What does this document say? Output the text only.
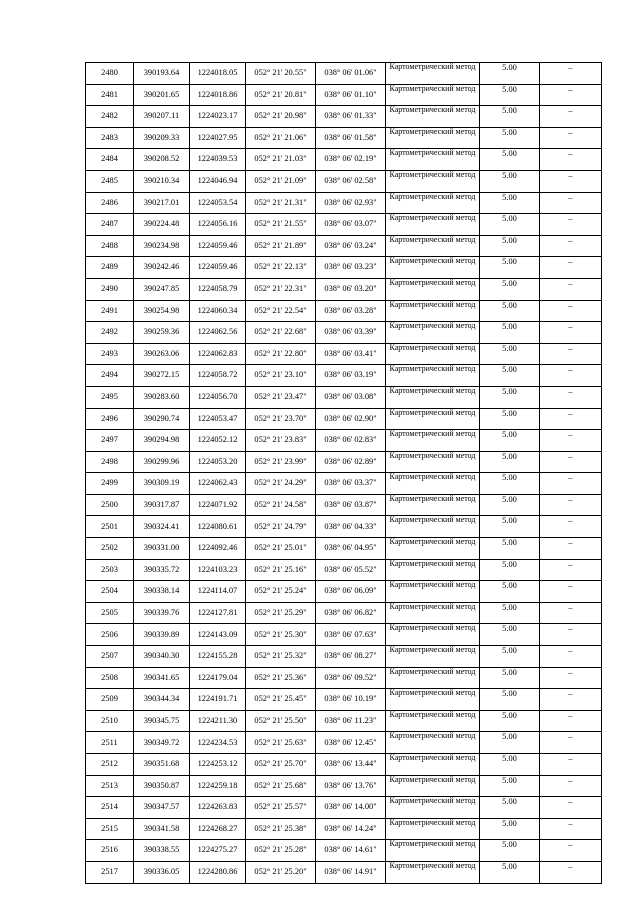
2480	390193.64	1224018.05	052° 21' 20.55"	038° 06' 01.06"	Картометрический метод	5.00	–
2481	390201.65	1224018.86	052° 21' 20.81"	038° 06' 01.10"	Картометрический метод	5.00	–
2482	390207.11	1224023.17	052° 21' 20.98"	038° 06' 01.33"	Картометрический метод	5.00	–
2483	390209.33	1224027.95	052° 21' 21.06"	038° 06' 01.58"	Картометрический метод	5.00	–
2484	390208.52	1224039.53	052° 21' 21.03"	038° 06' 02.19"	Картометрический метод	5.00	–
2485	390210.34	1224046.94	052° 21' 21.09"	038° 06' 02.58"	Картометрический метод	5.00	–
2486	390217.01	1224053.54	052° 21' 21.31"	038° 06' 02.93"	Картометрический метод	5.00	–
2487	390224.48	1224056.16	052° 21' 21.55"	038° 06' 03.07"	Картометрический метод	5.00	–
2488	390234.98	1224059.46	052° 21' 21.89"	038° 06' 03.24"	Картометрический метод	5.00	–
2489	390242.46	1224059.46	052° 21' 22.13"	038° 06' 03.23"	Картометрический метод	5.00	–
2490	390247.85	1224058.79	052° 21' 22.31"	038° 06' 03.20"	Картометрический метод	5.00	–
2491	390254.98	1224060.34	052° 21' 22.54"	038° 06' 03.28"	Картометрический метод	5.00	–
2492	390259.36	1224062.56	052° 21' 22.68"	038° 06' 03.39"	Картометрический метод	5.00	–
2493	390263.06	1224062.83	052° 21' 22.80"	038° 06' 03.41"	Картометрический метод	5.00	–
2494	390272.15	1224058.72	052° 21' 23.10"	038° 06' 03.19"	Картометрический метод	5.00	–
2495	390283.60	1224056.70	052° 21' 23.47"	038° 06' 03.08"	Картометрический метод	5.00	–
2496	390290.74	1224053.47	052° 21' 23.70"	038° 06' 02.90"	Картометрический метод	5.00	–
2497	390294.98	1224052.12	052° 21' 23.83"	038° 06' 02.83"	Картометрический метод	5.00	–
2498	390299.96	1224053.20	052° 21' 23.99"	038° 06' 02.89"	Картометрический метод	5.00	–
2499	390309.19	1224062.43	052° 21' 24.29"	038° 06' 03.37"	Картометрический метод	5.00	–
2500	390317.87	1224071.92	052° 21' 24.58"	038° 06' 03.87"	Картометрический метод	5.00	–
2501	390324.41	1224080.61	052° 21' 24.79"	038° 06' 04.33"	Картометрический метод	5.00	–
2502	390331.00	1224092.46	052° 21' 25.01"	038° 06' 04.95"	Картометрический метод	5.00	–
2503	390335.72	1224103.23	052° 21' 25.16"	038° 06' 05.52"	Картометрический метод	5.00	–
2504	390338.14	1224114.07	052° 21' 25.24"	038° 06' 06.09"	Картометрический метод	5.00	–
2505	390339.76	1224127.81	052° 21' 25.29"	038° 06' 06.82"	Картометрический метод	5.00	–
2506	390339.89	1224143.09	052° 21' 25.30"	038° 06' 07.63"	Картометрический метод	5.00	–
2507	390340.30	1224155.28	052° 21' 25.32"	038° 06' 08.27"	Картометрический метод	5.00	–
2508	390341.65	1224179.04	052° 21' 25.36"	038° 06' 09.52"	Картометрический метод	5.00	–
2509	390344.34	1224191.71	052° 21' 25.45"	038° 06' 10.19"	Картометрический метод	5.00	–
2510	390345.75	1224211.30	052° 21' 25.50"	038° 06' 11.23"	Картометрический метод	5.00	–
2511	390349.72	1224234.53	052° 21' 25.63"	038° 06' 12.45"	Картометрический метод	5.00	–
2512	390351.68	1224253.12	052° 21' 25.70"	038° 06' 13.44"	Картометрический метод	5.00	–
2513	390350.87	1224259.18	052° 21' 25.68"	038° 06' 13.76"	Картометрический метод	5.00	–
2514	390347.57	1224263.83	052° 21' 25.57"	038° 06' 14.00"	Картометрический метод	5.00	–
2515	390341.58	1224268.27	052° 21' 25.38"	038° 06' 14.24"	Картометрический метод	5.00	–
2516	390338.55	1224275.27	052° 21' 25.28"	038° 06' 14.61"	Картометрический метод	5.00	–
2517	390336.05	1224280.86	052° 21' 25.20"	038° 06' 14.91"	Картометрический метод	5.00	–
